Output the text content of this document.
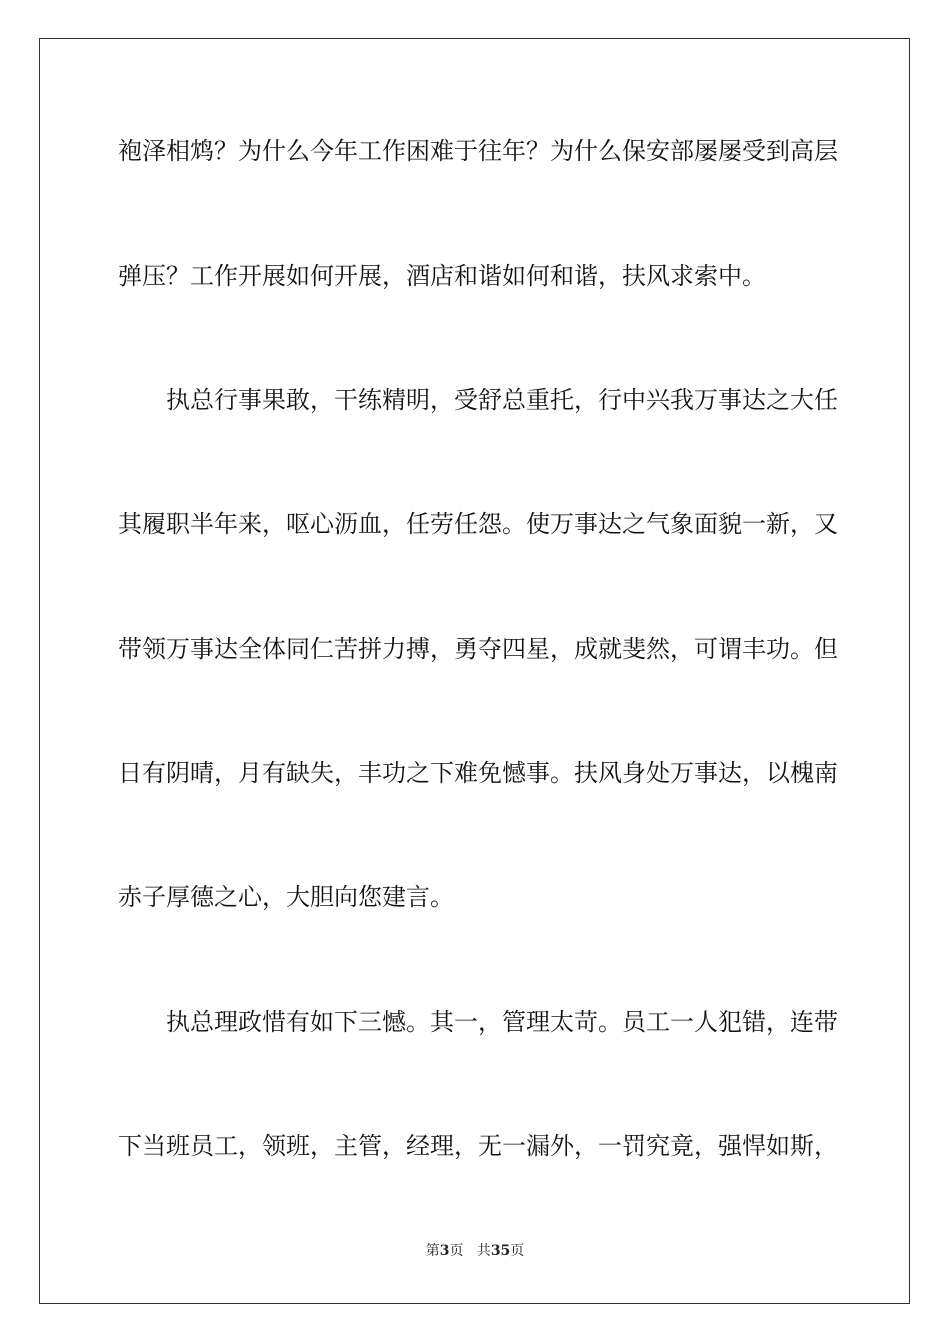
袍泽相鸩？为什么今年工作困难于往年？为什么保安部屡屡受到高层
弹压？工作开展如何开展，酒店和谐如何和谐，扶风求索中。
执总行事果敢，干练精明，受舒总重托，行中兴我万事达之大任
其履职半年来，呕心沥血，任劳任怨。使万事达之气象面貌一新，又
带领万事达全体同仁苦拼力搏，勇夺四星，成就斐然，可谓丰功。但
日有阴晴，月有缺失，丰功之下难免憾事。扶风身处万事达，以槐南
赤子厚德之心，大胆向您建言。
执总理政惜有如下三憾。其一，管理太苛。员工一人犯错，连带
下当班员工，领班，主管，经理，无一漏外，一罚究竟，强悍如斯，
第3页 共35页
